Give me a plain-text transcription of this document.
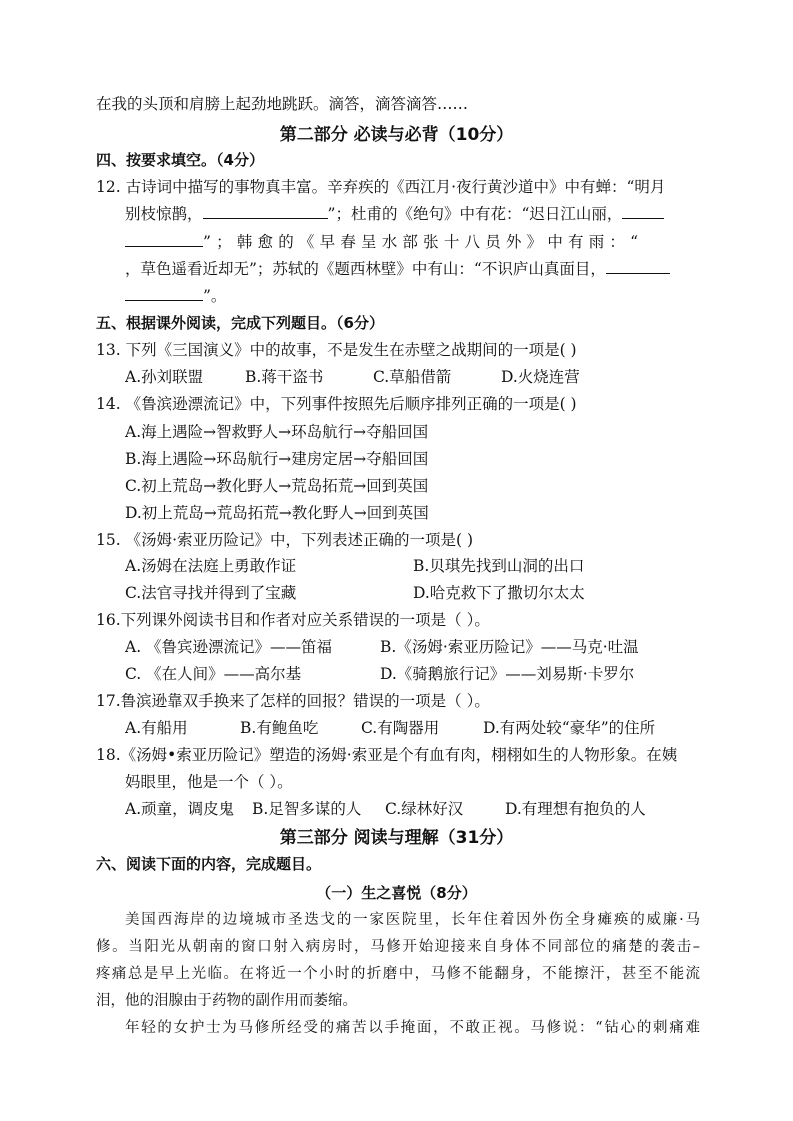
在我的头顶和肩膀上起劲地跳跃。滴答，滴答滴答……
第二部分 必读与必背（10分）
四、按要求填空。（4分）
12. 古诗词中描写的事物真丰富。辛弃疾的《西江月·夜行黄沙道中》中有蝉：“明月
别枝惊鹊，	”；杜甫的《绝句》中有花：“迟日江山丽，
”；韩愈的《早春呈水部张十八员外》中有雨：“
，草色遥看近却无”；苏轼的《题西林壁》中有山：“不识庐山真面目，
”。
五、根据课外阅读，完成下列题目。（6分）
13. 下列《三国演义》中的故事，不是发生在赤壁之战期间的一项是( )
A.孙刘联盟	B.蒋干盗书	C.草船借箭	D.火烧连营
14. 《鲁滨逊漂流记》中，下列事件按照先后顺序排列正确的一项是( )
A.海上遇险→智救野人→环岛航行→夺船回国
B.海上遇险→环岛航行→建房定居→夺船回国
C.初上荒岛→教化野人→荒岛拓荒→回到英国
D.初上荒岛→荒岛拓荒→教化野人→回到英国
15. 《汤姆·索亚历险记》中，下列表述正确的一项是( )
A.汤姆在法庭上勇敢作证	B.贝琪先找到山洞的出口
C.法官寻找并得到了宝藏	D.哈克救下了撒切尔太太
16.下列课外阅读书目和作者对应关系错误的一项是（ ）。
A. 《鲁宾逊漂流记》——笛福	B.《汤姆·索亚历险记》——马克·吐温
C. 《在人间》——高尔基	D.《骑鹅旅行记》——刘易斯·卡罗尔
17.鲁滨逊靠双手换来了怎样的回报？错误的一项是（ ）。
A.有船用	B.有鲍鱼吃	C.有陶器用	D.有两处较“豪华”的住所
18.《汤姆•索亚历险记》塑造的汤姆·索亚是个有血有肉，栩栩如生的人物形象。在姨
妈眼里，他是一个（ ）。
A.顽童，调皮鬼 B.足智多谋的人 C.绿林好汉	D.有理想有抱负的人
第三部分 阅读与理解（31分）
六、阅读下面的内容，完成题目。
（一）生之喜悦（8分）
美国西海岸的边境城市圣迭戈的一家医院里，长年住着因外伤全身瘫痪的威廉·马
修。当阳光从朝南的窗口射入病房时，马修开始迎接来自身体不同部位的痛楚的袭击–
疼痛总是早上光临。在将近一个小时的折磨中，马修不能翻身，不能擦汗，甚至不能流
泪，他的泪腺由于药物的副作用而萎缩。
年轻的女护士为马修所经受的痛苦以手掩面，不敢正视。马修说：“钻心的刺痛难
